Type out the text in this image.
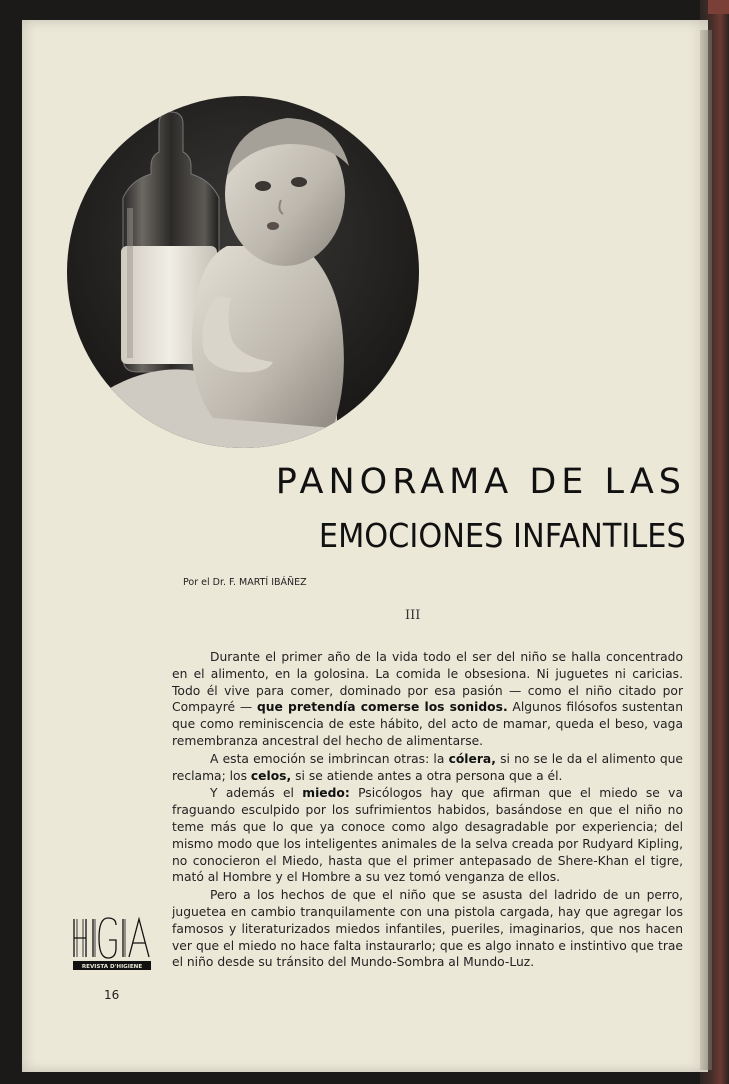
PANORAMA DE LAS
EMOCIONES INFANTILES
Por el Dr. F. MARTÍ IBÁÑEZ
III

Durante el primer año de la vida todo el ser del niño se halla concentrado en el alimento, en la golosina. La comida le obsesiona. Ni juguetes ni caricias. Todo él vive para comer, dominado por esa pasión — como el niño citado por Compayré — que pretendía comerse los sonidos. Algunos filósofos sustentan que como reminiscencia de este hábito, del acto de mamar, queda el beso, vaga remembranza ancestral del hecho de alimentarse.

A esta emoción se imbrincan otras: la cólera, si no se le da el alimento que reclama; los celos, si se atiende antes a otra persona que a él.

Y además el miedo: Psicólogos hay que afirman que el miedo se va fraguando esculpido por los sufrimientos habidos, basándose en que el niño no teme más que lo que ya conoce como algo desagradable por experiencia; del mismo modo que los inteligentes animales de la selva creada por Rudyard Kipling, no conocieron el Miedo, hasta que el primer antepasado de Shere-Khan el tigre, mató al Hombre y el Hombre a su vez tomó venganza de ellos.

Pero a los hechos de que el niño que se asusta del ladrido de un perro, juguetea en cambio tranquilamente con una pistola cargada, hay que agregar los famosos y literaturizados miedos infantiles, pueriles, imaginarios, que nos hacen ver que el miedo no hace falta instaurarlo; que es algo innato e instintivo que trae el niño desde su tránsito del Mundo-Sombra al Mundo-Luz.

REVISTA D'HIGIENE
16
